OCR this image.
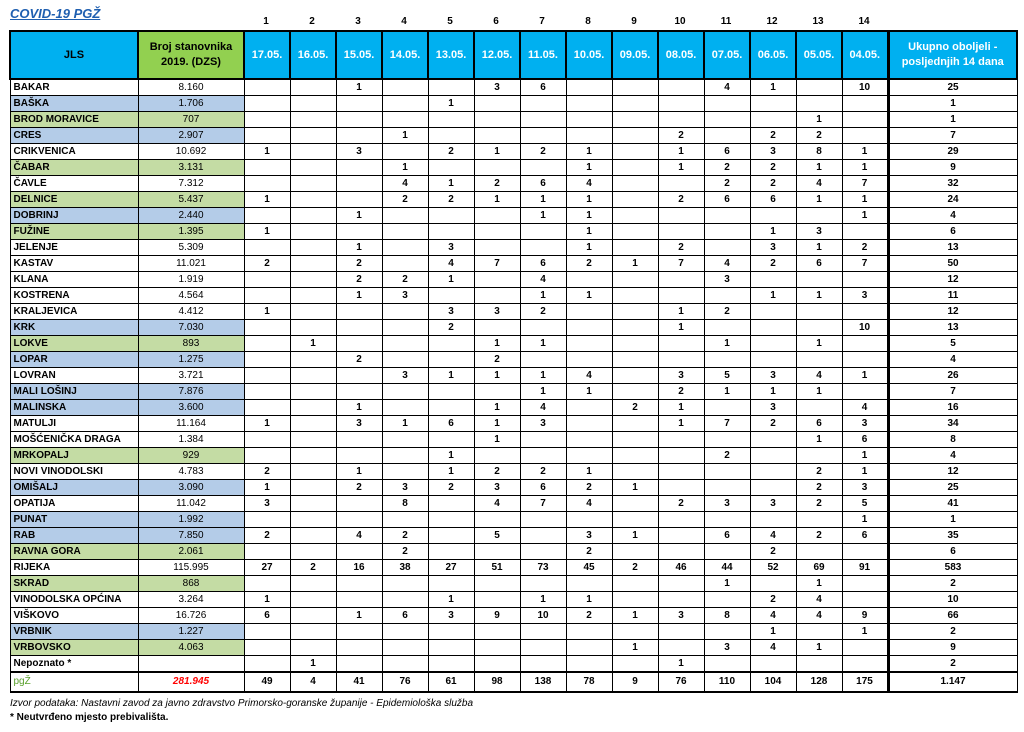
COVID-19 PGŽ
1	2	3	4	5	6	7	8	9	10	11	12	13	14
JLS	Broj stanovnika 2019. (DZS)	17.05.	16.05.	15.05.	14.05.	13.05.	12.05.	11.05.	10.05.	09.05.	08.05.	07.05.	06.05.	05.05.	04.05.	Ukupno oboljeli - posljednjih 14 dana
BAKAR	8.160			1			3	6				4	1		10	25
BAŠKA	1.706					1										1
BROD MORAVICE	707													1		1
CRES	2.907				1						2		2	2		7
CRIKVENICA	10.692	1		3		2	1	2	1		1	6	3	8	1	29
ČABAR	3.131				1				1		1	2	2	1	1	9
ČAVLE	7.312				4	1	2	6	4			2	2	4	7	32
DELNICE	5.437	1			2	2	1	1	1		2	6	6	1	1	24
DOBRINJ	2.440			1				1	1						1	4
FUŽINE	1.395	1							1				1	3		6
JELENJE	5.309			1		3			1		2		3	1	2	13
KASTAV	11.021	2		2		4	7	6	2	1	7	4	2	6	7	50
KLANA	1.919			2	2	1		4				3				12
KOSTRENA	4.564			1	3			1	1				1	1	3	11
KRALJEVICA	4.412	1				3	3	2			1	2				12
KRK	7.030					2					1				10	13
LOKVE	893		1				1	1				1		1		5
LOPAR	1.275			2			2									4
LOVRAN	3.721				3	1	1	1	4		3	5	3	4	1	26
MALI LOŠINJ	7.876							1	1		2	1	1	1		7
MALINSKA	3.600			1			1	4		2	1		3		4	16
MATULJI	11.164	1		3	1	6	1	3			1	7	2	6	3	34
MOŠĆENIČKA DRAGA	1.384						1							1	6	8
MRKOPALJ	929					1						2			1	4
NOVI VINODOLSKI	4.783	2		1		1	2	2	1					2	1	12
OMIŠALJ	3.090	1		2	3	2	3	6	2	1				2	3	25
OPATIJA	11.042	3			8		4	7	4		2	3	3	2	5	41
PUNAT	1.992														1	1
RAB	7.850	2		4	2		5		3	1		6	4	2	6	35
RAVNA GORA	2.061				2				2				2			6
RIJEKA	115.995	27	2	16	38	27	51	73	45	2	46	44	52	69	91	583
SKRAD	868											1		1		2
VINODOLSKA OPĆINA	3.264	1				1		1	1				2	4		10
VIŠKOVO	16.726	6		1	6	3	9	10	2	1	3	8	4	4	9	66
VRBNIK	1.227												1		1	2
VRBOVSKO	4.063									1		3	4	1		9
Nepoznato *			1								1					2
pgŽ	281.945	49	4	41	76	61	98	138	78	9	76	110	104	128	175	1.147
Izvor podataka: Nastavni zavod za javno zdravstvo Primorsko-goranske županije - Epidemiološka služba
* Neutvrđeno mjesto prebivališta.
